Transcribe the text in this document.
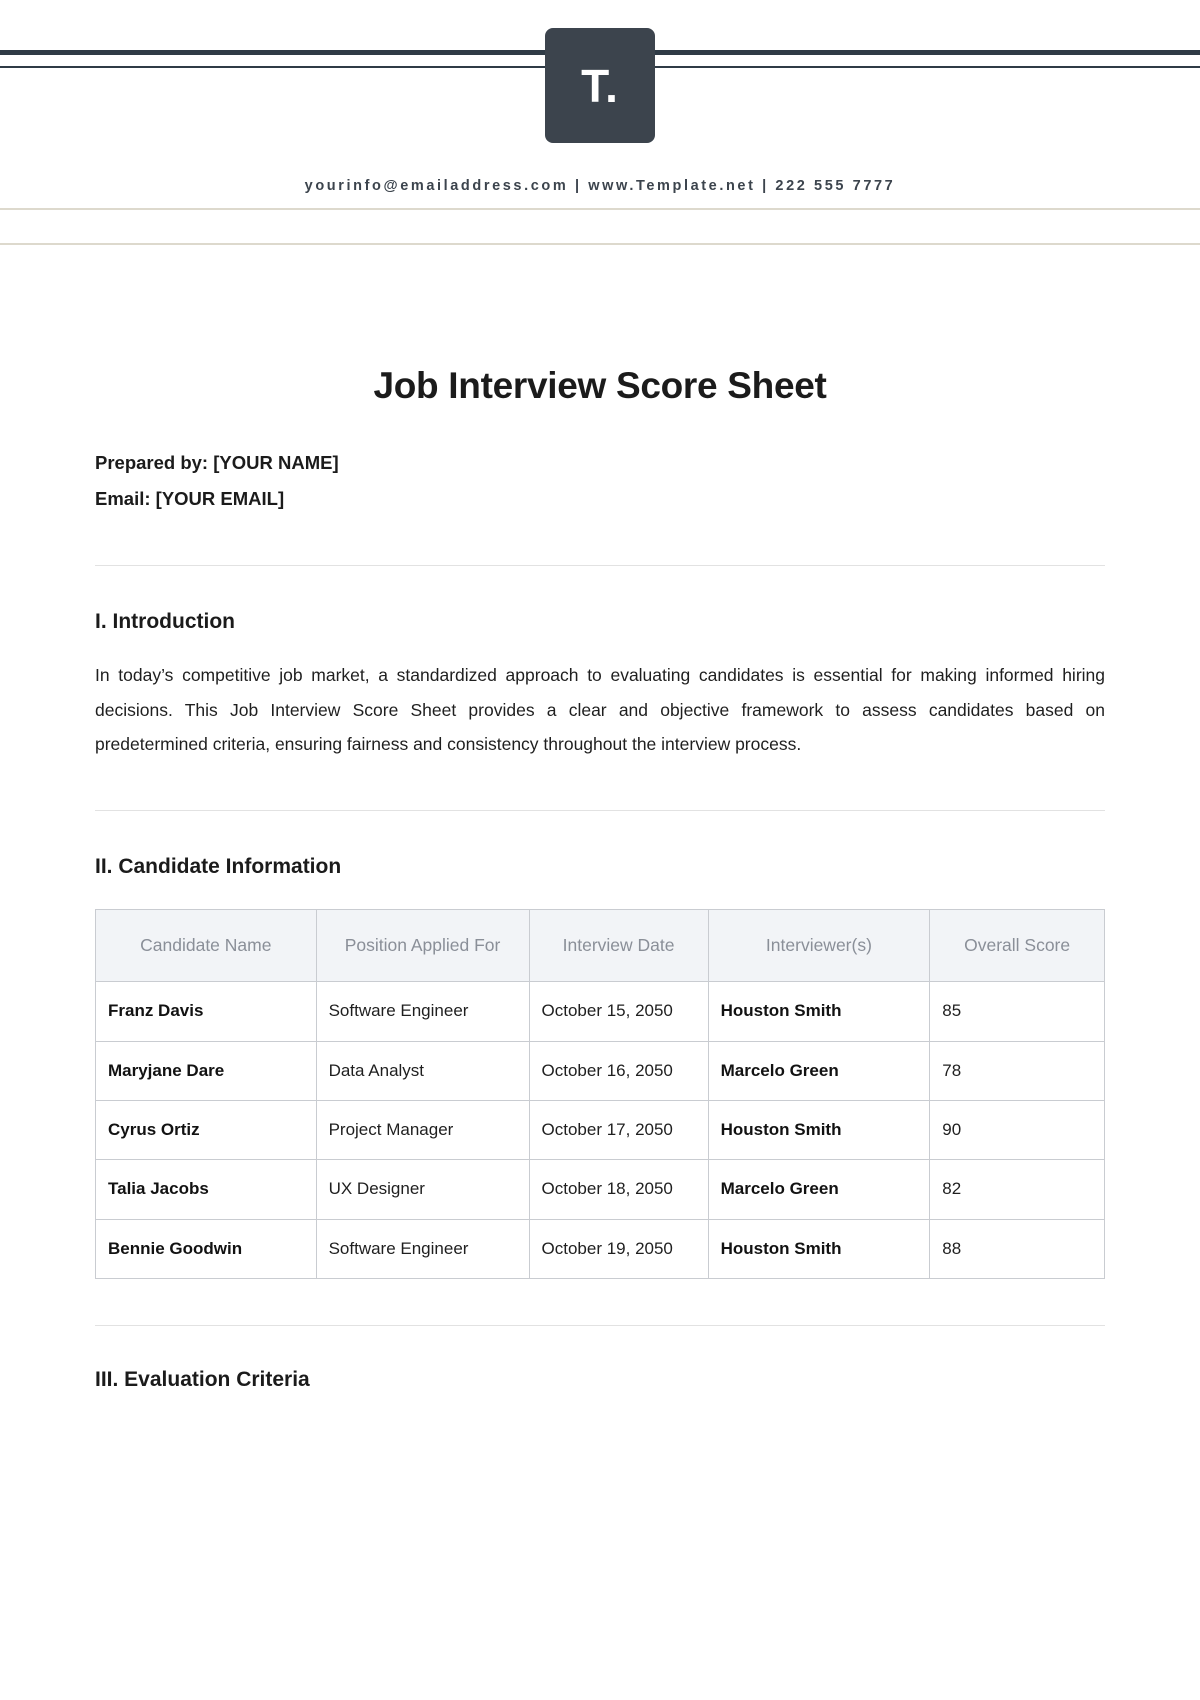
T.
yourinfo@emailaddress.com | www.Template.net | 222 555 7777
Job Interview Score Sheet
Prepared by: [YOUR NAME]
Email: [YOUR EMAIL]
I. Introduction

In today’s competitive job market, a standardized approach to evaluating candidates is essential for making informed hiring decisions. This Job Interview Score Sheet provides a clear and objective framework to assess candidates based on predetermined criteria, ensuring fairness and consistency throughout the interview process.

II. Candidate Information
Candidate Name	Position Applied For	Interview Date	Interviewer(s)	Overall Score
Franz Davis	Software Engineer	October 15, 2050	Houston Smith	85
Maryjane Dare	Data Analyst	October 16, 2050	Marcelo Green	78
Cyrus Ortiz	Project Manager	October 17, 2050	Houston Smith	90
Talia Jacobs	UX Designer	October 18, 2050	Marcelo Green	82
Bennie Goodwin	Software Engineer	October 19, 2050	Houston Smith	88
III. Evaluation Criteria
